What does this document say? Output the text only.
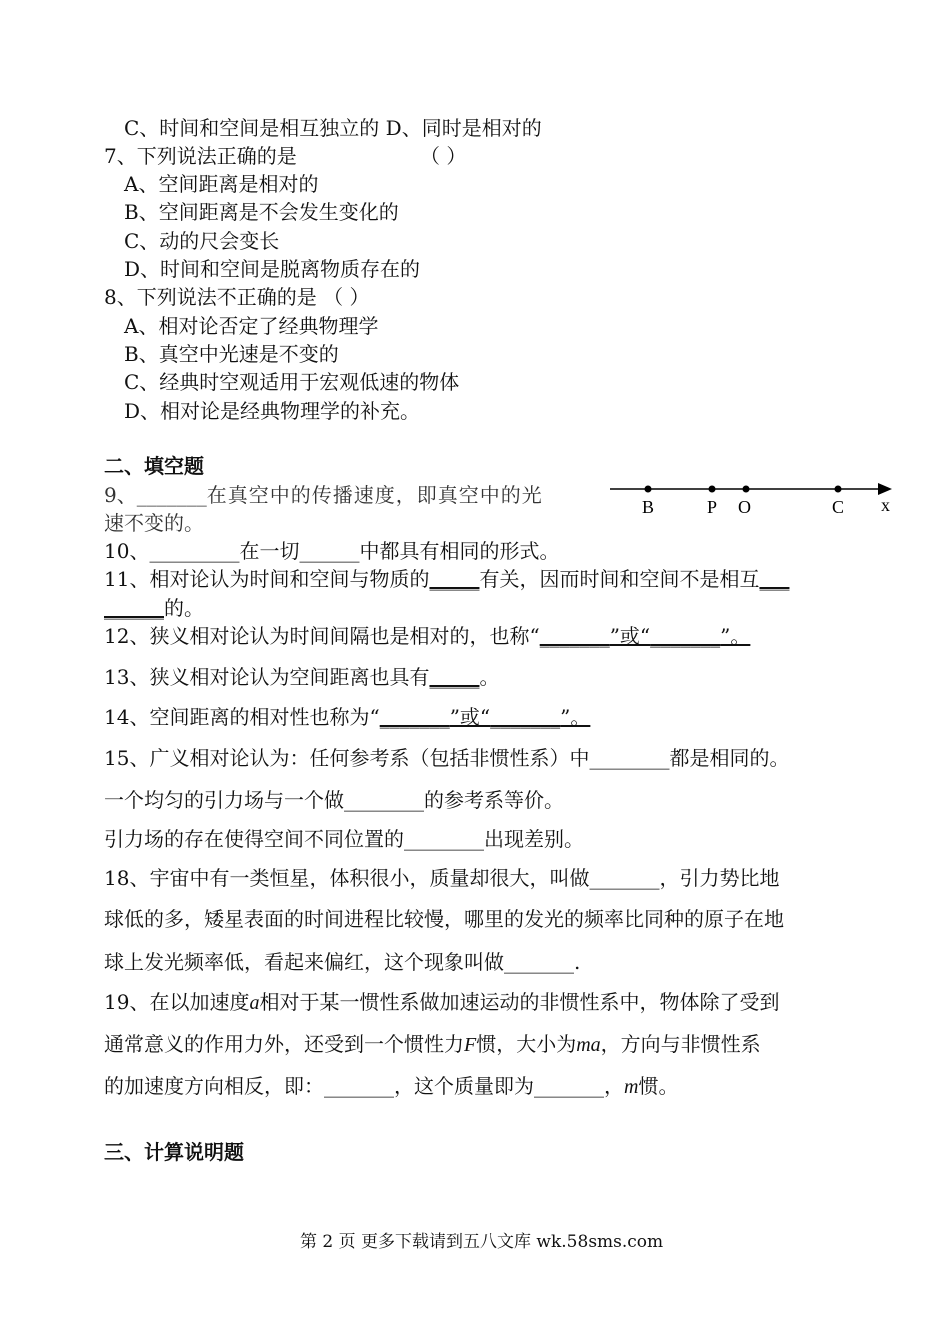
C、时间和空间是相互独立的 D、同时是相对的
7、下列说法正确的是	（ ）
A、空间距离是相对的
B、空间距离是不会发生变化的
C、动的尺会变长
D、时间和空间是脱离物质存在的
8、下列说法不正确的是 （ ）
A、相对论否定了经典物理学
B、真空中光速是不变的
C、经典时空观适用于宏观低速的物体
D、相对论是经典物理学的补充。
二、填空题
9、_______在真空中的传播速度，即真空中的光
速不变的。
B	P O	C x
10、_________在一切______中都具有相同的形式。
11、相对论认为时间和空间与物质的_____有关，因而时间和空间不是相互___
______的。
12、狭义相对论认为时间间隔也是相对的，也称“_______”或“_______”。
13、狭义相对论认为空间距离也具有_____。
14、空间距离的相对性也称为“_______”或“_______”。
15、广义相对论认为：任何参考系（包括非惯性系）中________都是相同的。
一个均匀的引力场与一个做________的参考系等价。
引力场的存在使得空间不同位置的________出现差别。
18、宇宙中有一类恒星，体积很小，质量却很大，叫做_______，引力势比地
球低的多，矮星表面的时间进程比较慢，哪里的发光的频率比同种的原子在地
球上发光频率低，看起来偏红，这个现象叫做_______.
19、在以加速度a相对于某一惯性系做加速运动的非惯性系中，物体除了受到
通常意义的作用力外，还受到一个惯性力F惯，大小为ma，方向与非惯性系
的加速度方向相反，即：_______，这个质量即为_______，m惯。
三、计算说明题
第 2 页 更多下载请到五八文库 wk.58sms.com
